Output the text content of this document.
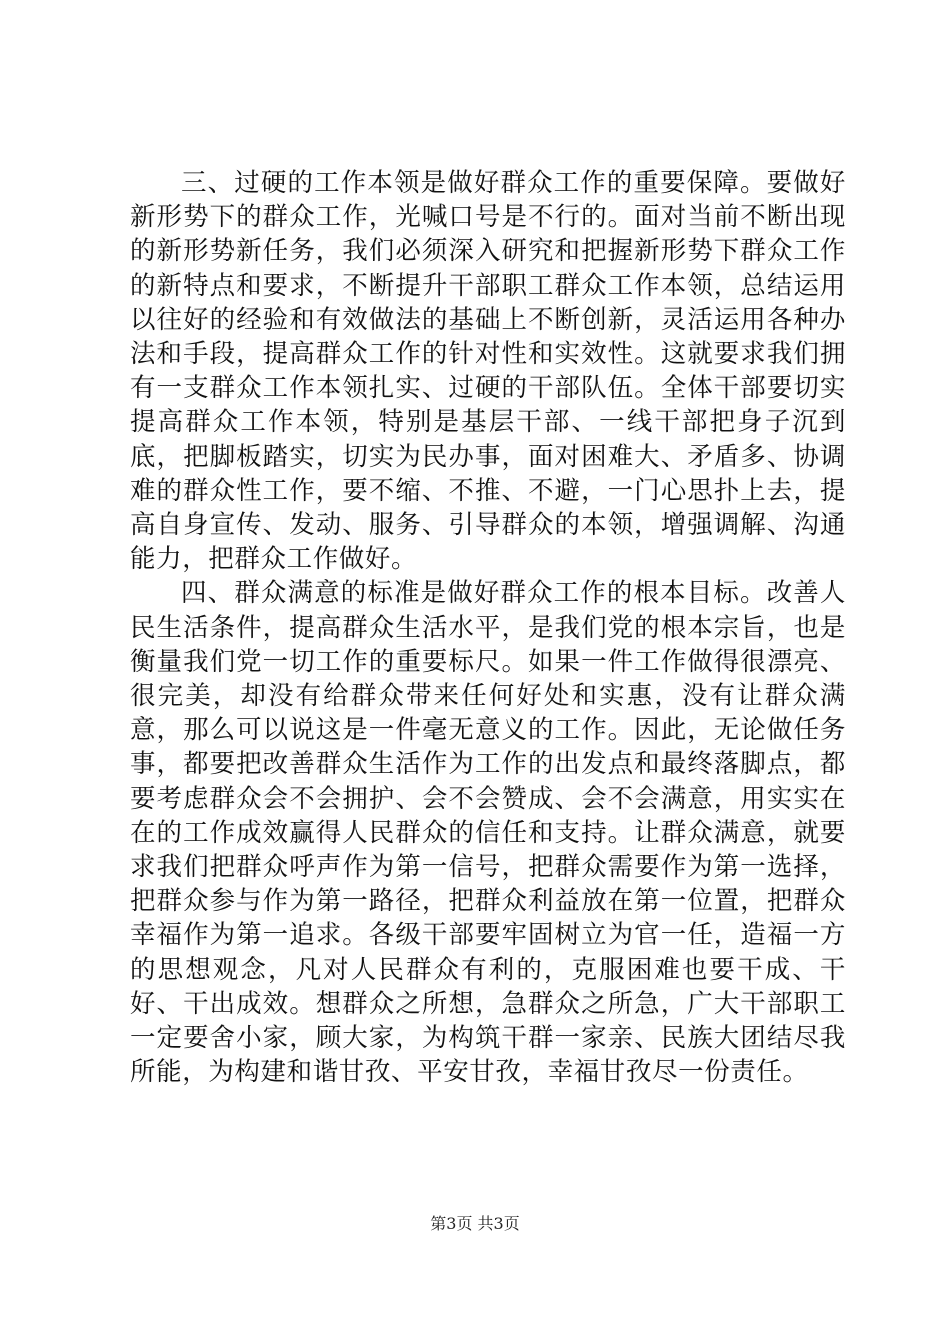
三、过硬的工作本领是做好群众工作的重要保障。要做好新形势下的群众工作，光喊口号是不行的。面对当前不断出现的新形势新任务，我们必须深入研究和把握新形势下群众工作的新特点和要求，不断提升干部职工群众工作本领，总结运用以往好的经验和有效做法的基础上不断创新，灵活运用各种办法和手段，提高群众工作的针对性和实效性。这就要求我们拥有一支群众工作本领扎实、过硬的干部队伍。全体干部要切实提高群众工作本领，特别是基层干部、一线干部把身子沉到底，把脚板踏实，切实为民办事，面对困难大、矛盾多、协调难的群众性工作，要不缩、不推、不避，一门心思扑上去，提高自身宣传、发动、服务、引导群众的本领，增强调解、沟通能力，把群众工作做好。

四、群众满意的标准是做好群众工作的根本目标。改善人民生活条件，提高群众生活水平，是我们党的根本宗旨，也是衡量我们党一切工作的重要标尺。如果一件工作做得很漂亮、很完美，却没有给群众带来任何好处和实惠，没有让群众满意，那么可以说这是一件毫无意义的工作。因此，无论做任务事，都要把改善群众生活作为工作的出发点和最终落脚点，都要考虑群众会不会拥护、会不会赞成、会不会满意，用实实在在的工作成效赢得人民群众的信任和支持。让群众满意，就要求我们把群众呼声作为第一信号，把群众需要作为第一选择，把群众参与作为第一路径，把群众利益放在第一位置，把群众幸福作为第一追求。各级干部要牢固树立为官一任，造福一方的思想观念，凡对人民群众有利的，克服困难也要干成、干好、干出成效。想群众之所想，急群众之所急，广大干部职工一定要舍小家，顾大家，为构筑干群一家亲、民族大团结尽我所能，为构建和谐甘孜、平安甘孜，幸福甘孜尽一份责任。

第3页 共3页
